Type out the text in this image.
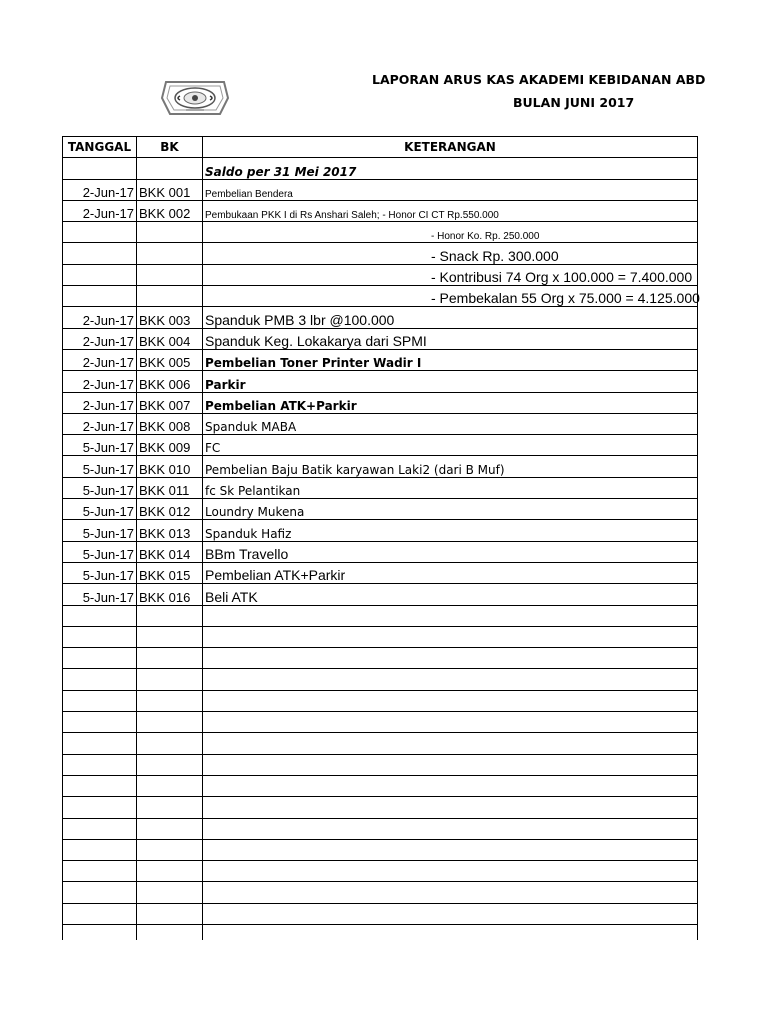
LAPORAN ARUS KAS AKADEMI KEBIDANAN ABD
BULAN JUNI 2017
TANGGAL	BK	KETERANGAN
		Saldo per 31 Mei 2017
2-Jun-17	BKK 001	Pembelian Bendera
2-Jun-17	BKK 002	Pembukaan PKK I di Rs Anshari Saleh; - Honor CI CT Rp.550.000
		- Honor Ko. Rp. 250.000
		- Snack Rp. 300.000
		- Kontribusi 74 Org x 100.000 = 7.400.000
		- Pembekalan 55 Org x 75.000 = 4.125.000
2-Jun-17	BKK 003	Spanduk PMB 3 lbr @100.000
2-Jun-17	BKK 004	Spanduk Keg. Lokakarya dari SPMI
2-Jun-17	BKK 005	Pembelian Toner Printer Wadir I
2-Jun-17	BKK 006	Parkir
2-Jun-17	BKK 007	Pembelian ATK+Parkir
2-Jun-17	BKK 008	Spanduk MABA
5-Jun-17	BKK 009	FC
5-Jun-17	BKK 010	Pembelian Baju Batik karyawan Laki2 (dari B Muf)
5-Jun-17	BKK 011	fc Sk Pelantikan
5-Jun-17	BKK 012	Loundry Mukena
5-Jun-17	BKK 013	Spanduk Hafiz
5-Jun-17	BKK 014	BBm Travello
5-Jun-17	BKK 015	Pembelian ATK+Parkir
5-Jun-17	BKK 016	Beli ATK
